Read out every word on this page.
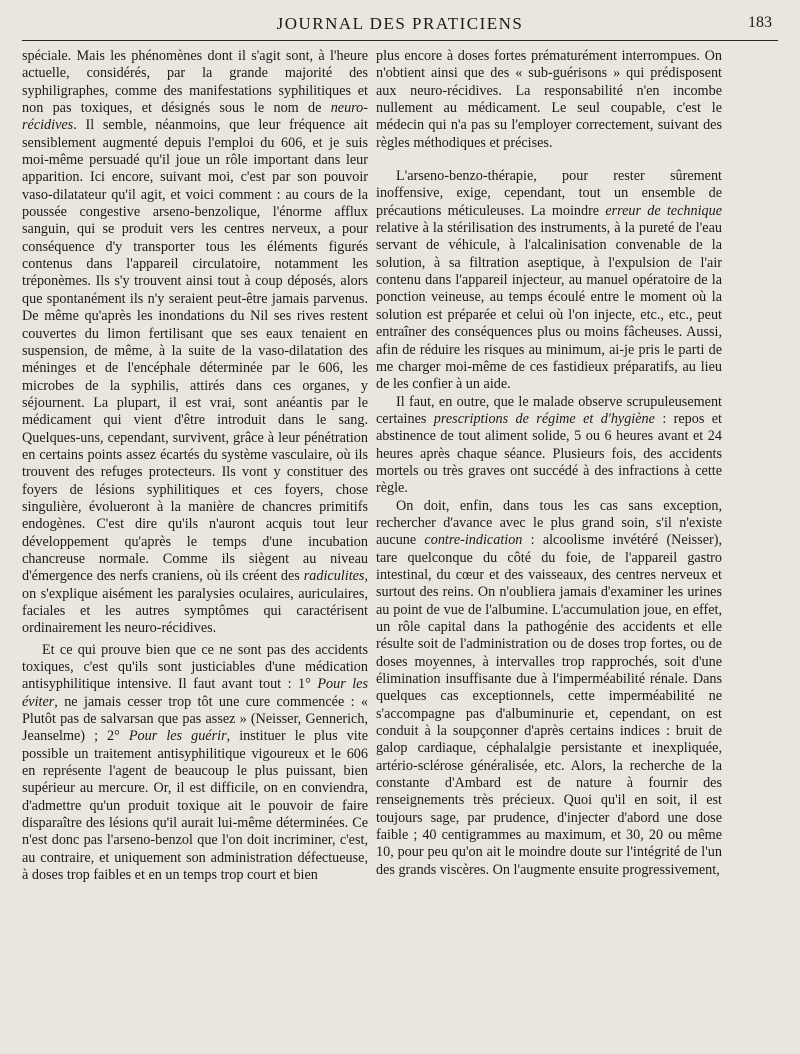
JOURNAL DES PRATICIENS	183

spéciale. Mais les phénomènes dont il s'agit sont, à l'heure actuelle, considérés, par la grande majorité des syphiligraphes, comme des manifestations syphilitiques et non pas toxiques, et désignés sous le nom de neuro-récidives. Il semble, néanmoins, que leur fréquence ait sensiblement augmenté depuis l'emploi du 606, et je suis moi-même persuadé qu'il joue un rôle important dans leur apparition. Ici encore, suivant moi, c'est par son pouvoir vaso-dilatateur qu'il agit, et voici comment : au cours de la poussée congestive arseno-benzolique, l'énorme afflux sanguin, qui se produit vers les centres nerveux, a pour conséquence d'y transporter tous les éléments figurés contenus dans l'appareil circulatoire, notamment les tréponèmes. Ils s'y trouvent ainsi tout à coup déposés, alors que spontanément ils n'y seraient peut-être jamais parvenus. De même qu'après les inondations du Nil ses rives restent couvertes du limon fertilisant que ses eaux tenaient en suspension, de même, à la suite de la vaso-dilatation des méninges et de l'encéphale déterminée par le 606, les microbes de la syphilis, attirés dans ces organes, y séjournent. La plupart, il est vrai, sont anéantis par le médicament qui vient d'être introduit dans le sang. Quelques-uns, cependant, survivent, grâce à leur pénétration en certains points assez écartés du système vasculaire, où ils trouvent des refuges protecteurs. Ils vont y constituer des foyers de lésions syphilitiques et ces foyers, chose singulière, évolueront à la manière de chancres primitifs endogènes. C'est dire qu'ils n'auront acquis tout leur développement qu'après le temps d'une incubation chancreuse normale. Comme ils siègent au niveau d'émergence des nerfs craniens, où ils créent des radiculites, on s'explique aisément les paralysies oculaires, auriculaires, faciales et les autres symptômes qui caractérisent ordinairement les neuro-récidives.

Et ce qui prouve bien que ce ne sont pas des accidents toxiques, c'est qu'ils sont justiciables d'une médication antisyphilitique intensive. Il faut avant tout : 1° Pour les éviter, ne jamais cesser trop tôt une cure commencée : « Plutôt pas de salvarsan que pas assez » (Neisser, Gennerich, Jeanselme) ; 2° Pour les guérir, instituer le plus vite possible un traitement antisyphilitique vigoureux et le 606 en représente l'agent de beaucoup le plus puissant, bien supérieur au mercure. Or, il est difficile, on en conviendra, d'admettre qu'un produit toxique ait le pouvoir de faire disparaître des lésions qu'il aurait lui-même déterminées. Ce n'est donc pas l'arseno-benzol que l'on doit incriminer, c'est, au contraire, et uniquement son administration défectueuse, à doses trop faibles et en un temps trop court et bien

plus encore à doses fortes prématurément interrompues. On n'obtient ainsi que des « sub-guérisons » qui prédisposent aux neuro-récidives. La responsabilité n'en incombe nullement au médicament. Le seul coupable, c'est le médecin qui n'a pas su l'employer correctement, suivant des règles méthodiques et précises.

L'arseno-benzo-thérapie, pour rester sûrement inoffensive, exige, cependant, tout un ensemble de précautions méticuleuses. La moindre erreur de technique relative à la stérilisation des instruments, à la pureté de l'eau servant de véhicule, à l'alcalinisation convenable de la solution, à sa filtration aseptique, à l'expulsion de l'air contenu dans l'appareil injecteur, au manuel opératoire de la ponction veineuse, au temps écoulé entre le moment où la solution est préparée et celui où l'on injecte, etc., etc., peut entraîner des conséquences plus ou moins fâcheuses. Aussi, afin de réduire les risques au minimum, ai-je pris le parti de me charger moi-même de ces fastidieux préparatifs, au lieu de les confier à un aide.

Il faut, en outre, que le malade observe scrupuleusement certaines prescriptions de régime et d'hygiène : repos et abstinence de tout aliment solide, 5 ou 6 heures avant et 24 heures après chaque séance. Plusieurs fois, des accidents mortels ou très graves ont succédé à des infractions à cette règle.

On doit, enfin, dans tous les cas sans exception, rechercher d'avance avec le plus grand soin, s'il n'existe aucune contre-indication : alcoolisme invétéré (Neisser), tare quelconque du côté du foie, de l'appareil gastro intestinal, du cœur et des vaisseaux, des centres nerveux et surtout des reins. On n'oubliera jamais d'examiner les urines au point de vue de l'albumine. L'accumulation joue, en effet, un rôle capital dans la pathogénie des accidents et elle résulte soit de l'administration ou de doses trop fortes, ou de doses moyennes, à intervalles trop rapprochés, soit d'une élimination insuffisante due à l'imperméabilité rénale. Dans quelques cas exceptionnels, cette imperméabilité ne s'accompagne pas d'albuminurie et, cependant, on est conduit à la soupçonner d'après certains indices : bruit de galop cardiaque, céphalalgie persistante et inexpliquée, artério-sclérose généralisée, etc. Alors, la recherche de la constante d'Ambard est de nature à fournir des renseignements très précieux. Quoi qu'il en soit, il est toujours sage, par prudence, d'injecter d'abord une dose faible ; 40 centigrammes au maximum, et 30, 20 ou même 10, pour peu qu'on ait le moindre doute sur l'intégrité de l'un des grands viscères. On l'augmente ensuite progressivement,
